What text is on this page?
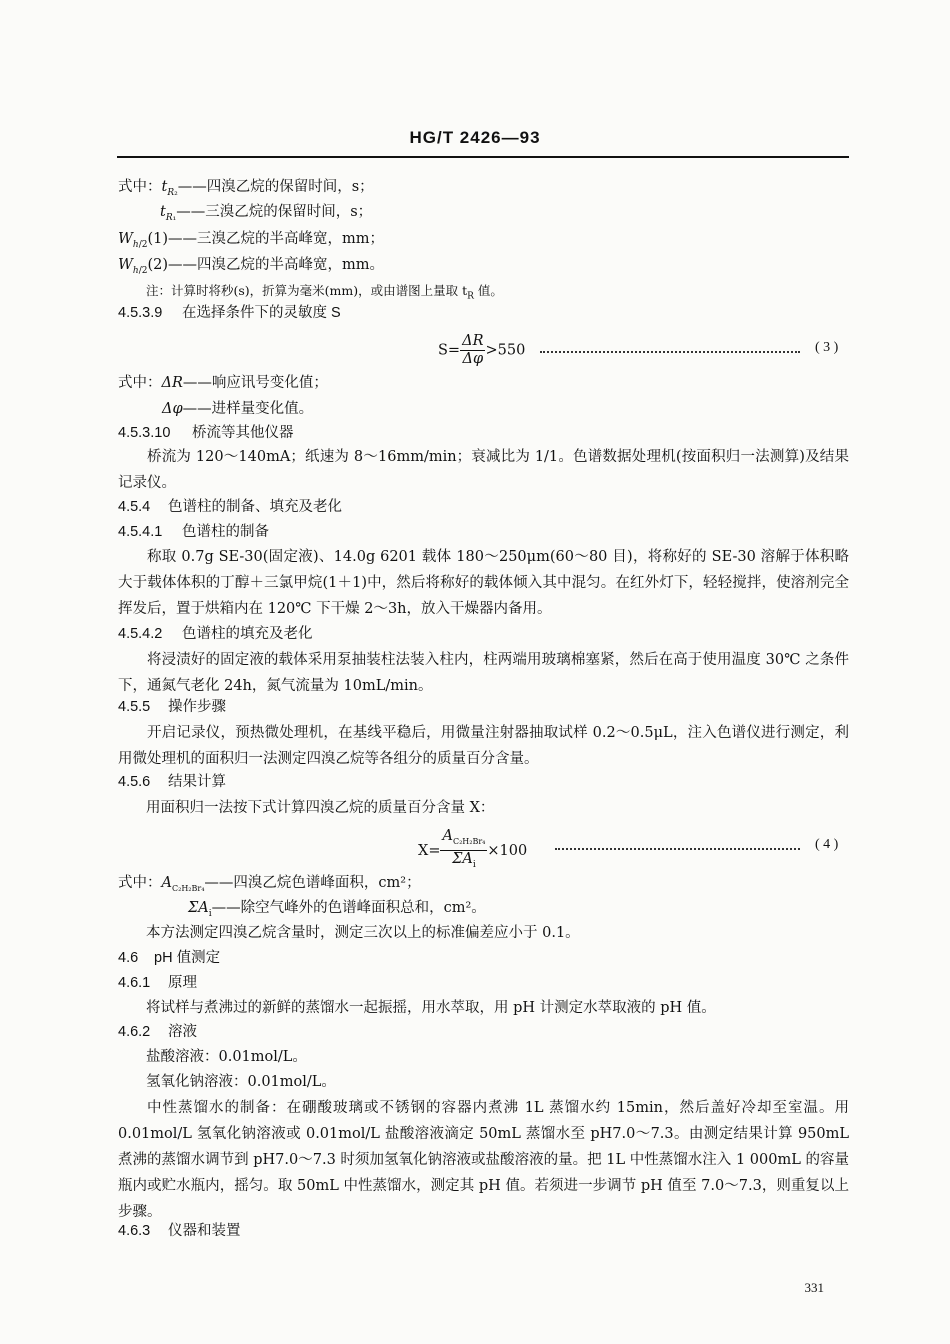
HG/T 2426—93
式中：$t_{R_2}——$四溴乙烷的保留时间，s；
$t_{R_1}——$三溴乙烷的保留时间，s；
$W_{h/2}(1)——$三溴乙烷的半高峰宽，mm；
$W_{h/2}(2)——$四溴乙烷的半高峰宽，mm。
注：计算时将秒(s)，折算为毫米(mm)，或由谱图上量取 $t_R$ 值。
4.5.3.9 在选择条件下的灵敏度 S
$S= \frac{\Delta R}{\Delta\varphi} >550$	( 3 )
式中：ΔR——响应讯号变化值；
Δφ——进样量变化值。
4.5.3.10 桥流等其他仪器
桥流为 120～140mA；纸速为 8～16mm/min；衰减比为 1/1。色谱数据处理机(按面积归一法测算)及结果记录仪。
4.5.4 色谱柱的制备、填充及老化
4.5.4.1 色谱柱的制备
称取 0.7g SE-30(固定液)、14.0g 6201 载体 180～250μm(60～80 目)，将称好的 SE-30 溶解于体积略大于载体体积的丁醇＋三氯甲烷(1＋1)中，然后将称好的载体倾入其中混匀。在红外灯下，轻轻搅拌，使溶剂完全挥发后，置于烘箱内在 120℃ 下干燥 2～3h，放入干燥器内备用。
4.5.4.2 色谱柱的填充及老化
将浸渍好的固定液的载体采用泵抽装柱法装入柱内，柱两端用玻璃棉塞紧，然后在高于使用温度 30℃ 之条件下，通氮气老化 24h，氮气流量为 10mL/min。
4.5.5 操作步骤
开启记录仪，预热微处理机，在基线平稳后，用微量注射器抽取试样 0.2～0.5μL，注入色谱仪进行测定，利用微处理机的面积归一法测定四溴乙烷等各组分的质量百分含量。
4.5.6 结果计算
用面积归一法按下式计算四溴乙烷的质量百分含量 X：
$X= \frac{A_{C_2H_2Br_4}}{\Sigma A_i} \times 100$	( 4 )
式中：$A_{C_2H_2Br_4}——$四溴乙烷色谱峰面积，cm²；
$\Sigma A_i——$除空气峰外的色谱峰面积总和，cm²。
本方法测定四溴乙烷含量时，测定三次以上的标准偏差应小于 0.1。
4.6 pH 值测定
4.6.1 原理
将试样与煮沸过的新鲜的蒸馏水一起振摇，用水萃取，用 pH 计测定水萃取液的 pH 值。
4.6.2 溶液
盐酸溶液：0.01mol/L。
氢氧化钠溶液：0.01mol/L。
中性蒸馏水的制备：在硼酸玻璃或不锈钢的容器内煮沸 1L 蒸馏水约 15min，然后盖好冷却至室温。用 0.01mol/L 氢氧化钠溶液或 0.01mol/L 盐酸溶液滴定 50mL 蒸馏水至 pH7.0～7.3。由测定结果计算 950mL 煮沸的蒸馏水调节到 pH7.0～7.3 时须加氢氧化钠溶液或盐酸溶液的量。把 1L 中性蒸馏水注入 1 000mL 的容量瓶内或贮水瓶内，摇匀。取 50mL 中性蒸馏水，测定其 pH 值。若须进一步调节 pH 值至 7.0～7.3，则重复以上步骤。
4.6.3 仪器和装置
331
